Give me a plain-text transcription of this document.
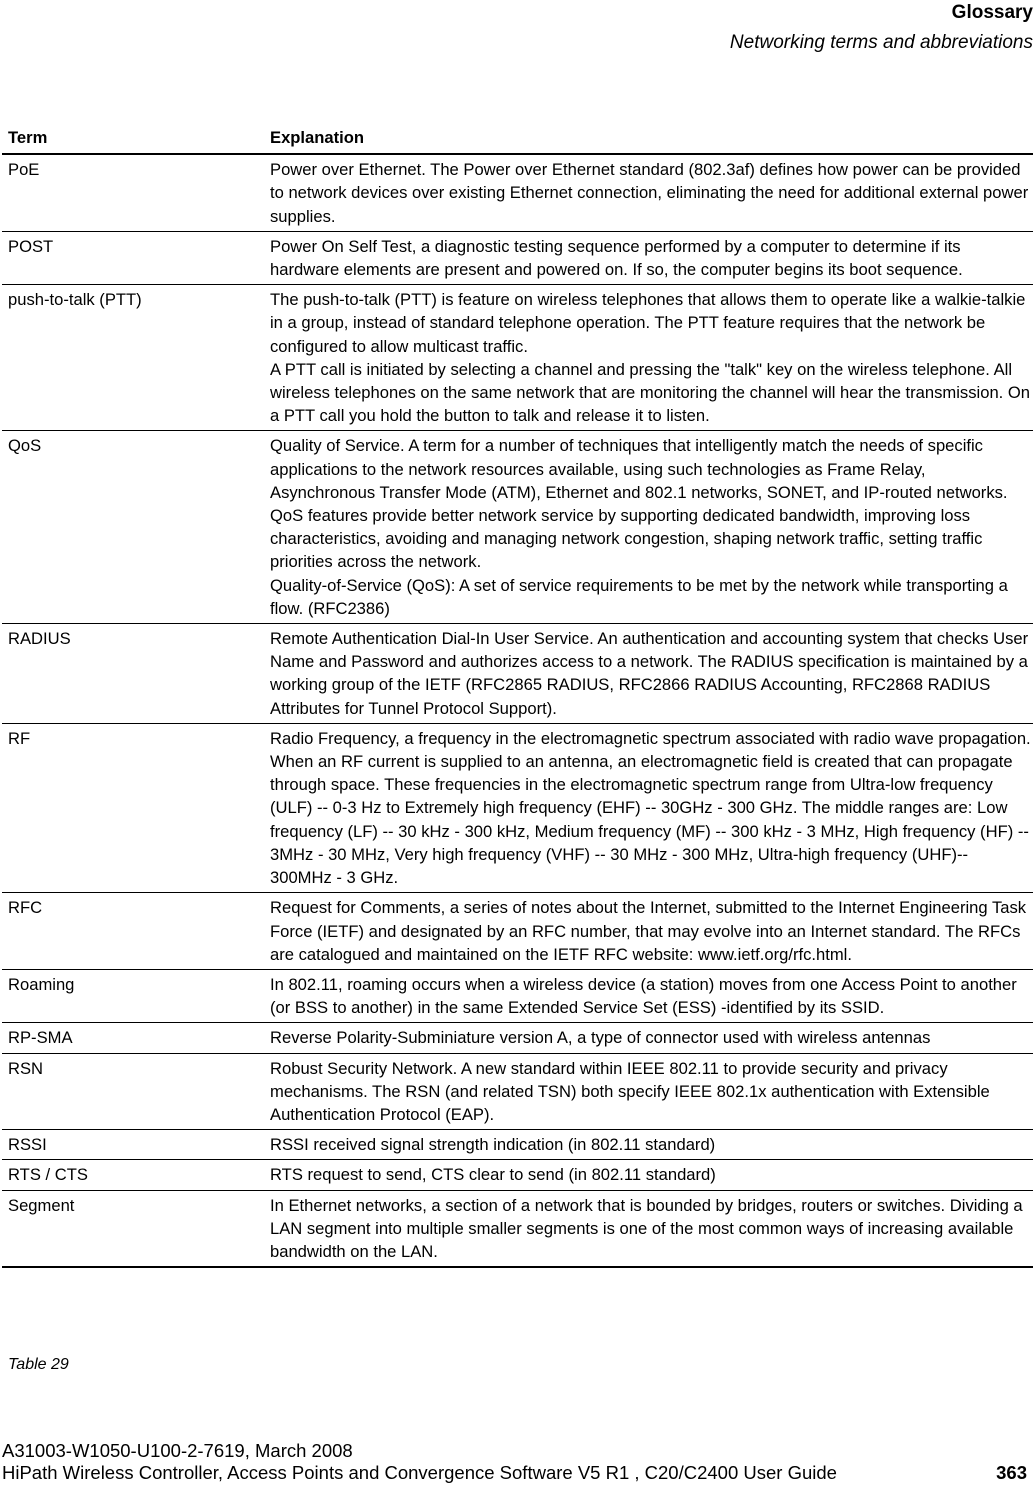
Glossary
Networking terms and abbreviations
Term	Explanation
PoE	Power over Ethernet. The Power over Ethernet standard (802.3af) defines how power can be provided to network devices over existing Ethernet connection, eliminating the need for additional external power supplies.
POST	Power On Self Test, a diagnostic testing sequence performed by a computer to determine if its hardware elements are present and powered on. If so, the computer begins its boot sequence.
push-to-talk (PTT)	The push-to-talk (PTT) is feature on wireless telephones that allows them to operate like a walkie-talkie in a group, instead of standard telephone operation. The PTT feature requires that the network be configured to allow multicast traffic.
A PTT call is initiated by selecting a channel and pressing the "talk" key on the wireless telephone. All wireless telephones on the same network that are monitoring the channel will hear the transmission. On a PTT call you hold the button to talk and release it to listen.
QoS	Quality of Service. A term for a number of techniques that intelligently match the needs of specific applications to the network resources available, using such technologies as Frame Relay, Asynchronous Transfer Mode (ATM), Ethernet and 802.1 networks, SONET, and IP-routed networks. QoS features provide better network service by supporting dedicated bandwidth, improving loss characteristics, avoiding and managing network congestion, shaping network traffic, setting traffic priorities across the network.
Quality-of-Service (QoS): A set of service requirements to be met by the network while transporting a flow. (RFC2386)
RADIUS	Remote Authentication Dial-In User Service. An authentication and accounting system that checks User Name and Password and authorizes access to a network. The RADIUS specification is maintained by a working group of the IETF (RFC2865 RADIUS, RFC2866 RADIUS Accounting, RFC2868 RADIUS Attributes for Tunnel Protocol Support).
RF	Radio Frequency, a frequency in the electromagnetic spectrum associated with radio wave propagation. When an RF current is supplied to an antenna, an electromagnetic field is created that can propagate through space. These frequencies in the electromagnetic spectrum range from Ultra-low frequency (ULF) -- 0-3 Hz to Extremely high frequency (EHF) -- 30GHz - 300 GHz. The middle ranges are: Low frequency (LF) -- 30 kHz - 300 kHz, Medium frequency (MF) -- 300 kHz - 3 MHz, High frequency (HF) -- 3MHz - 30 MHz, Very high frequency (VHF) -- 30 MHz - 300 MHz, Ultra-high frequency (UHF)-- 300MHz - 3 GHz.
RFC	Request for Comments, a series of notes about the Internet, submitted to the Internet Engineering Task Force (IETF) and designated by an RFC number, that may evolve into an Internet standard. The RFCs are catalogued and maintained on the IETF RFC website: www.ietf.org/rfc.html.
Roaming	In 802.11, roaming occurs when a wireless device (a station) moves from one Access Point to another (or BSS to another) in the same Extended Service Set (ESS) -identified by its SSID.
RP-SMA	Reverse Polarity-Subminiature version A, a type of connector used with wireless antennas
RSN	Robust Security Network. A new standard within IEEE 802.11 to provide security and privacy mechanisms. The RSN (and related TSN) both specify IEEE 802.1x authentication with Extensible Authentication Protocol (EAP).
RSSI	RSSI received signal strength indication (in 802.11 standard)
RTS / CTS	RTS request to send, CTS clear to send (in 802.11 standard)
Segment	In Ethernet networks, a section of a network that is bounded by bridges, routers or switches. Dividing a LAN segment into multiple smaller segments is one of the most common ways of increasing available bandwidth on the LAN.
Table 29
A31003-W1050-U100-2-7619, March 2008
HiPath Wireless Controller, Access Points and Convergence Software V5 R1 , C20/C2400 User Guide	363
